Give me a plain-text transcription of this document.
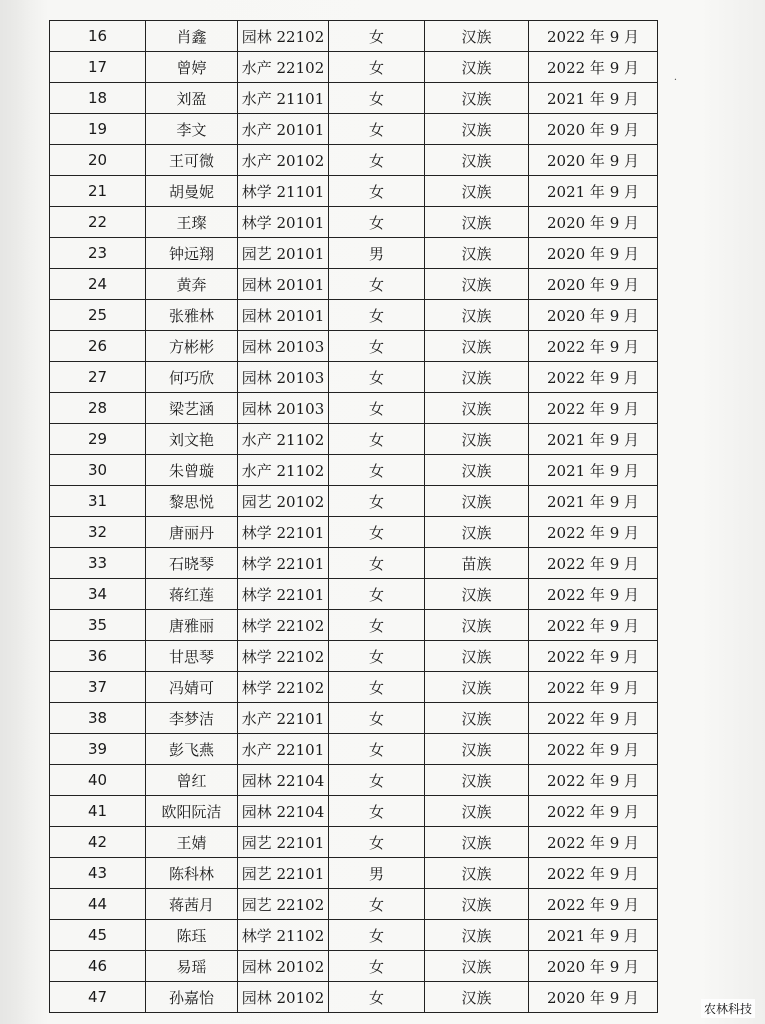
16	肖鑫	园林 22102	女	汉族	2022 年 9 月
17	曾婷	水产 22102	女	汉族	2022 年 9 月
18	刘盈	水产 21101	女	汉族	2021 年 9 月
19	李文	水产 20101	女	汉族	2020 年 9 月
20	王可微	水产 20102	女	汉族	2020 年 9 月
21	胡曼妮	林学 21101	女	汉族	2021 年 9 月
22	王璨	林学 20101	女	汉族	2020 年 9 月
23	钟远翔	园艺 20101	男	汉族	2020 年 9 月
24	黄奔	园林 20101	女	汉族	2020 年 9 月
25	张雅林	园林 20101	女	汉族	2020 年 9 月
26	方彬彬	园林 20103	女	汉族	2022 年 9 月
27	何巧欣	园林 20103	女	汉族	2022 年 9 月
28	梁艺涵	园林 20103	女	汉族	2022 年 9 月
29	刘文艳	水产 21102	女	汉族	2021 年 9 月
30	朱曾璇	水产 21102	女	汉族	2021 年 9 月
31	黎思悦	园艺 20102	女	汉族	2021 年 9 月
32	唐丽丹	林学 22101	女	汉族	2022 年 9 月
33	石晓琴	林学 22101	女	苗族	2022 年 9 月
34	蒋红莲	林学 22101	女	汉族	2022 年 9 月
35	唐雅丽	林学 22102	女	汉族	2022 年 9 月
36	甘思琴	林学 22102	女	汉族	2022 年 9 月
37	冯婧可	林学 22102	女	汉族	2022 年 9 月
38	李梦洁	水产 22101	女	汉族	2022 年 9 月
39	彭飞燕	水产 22101	女	汉族	2022 年 9 月
40	曾红	园林 22104	女	汉族	2022 年 9 月
41	欧阳阮洁	园林 22104	女	汉族	2022 年 9 月
42	王婧	园艺 22101	女	汉族	2022 年 9 月
43	陈科林	园艺 22101	男	汉族	2022 年 9 月
44	蒋茜月	园艺 22102	女	汉族	2022 年 9 月
45	陈珏	林学 21102	女	汉族	2021 年 9 月
46	易瑶	园林 20102	女	汉族	2020 年 9 月
47	孙嘉怡	园林 20102	女	汉族	2020 年 9 月
·
农林科技
